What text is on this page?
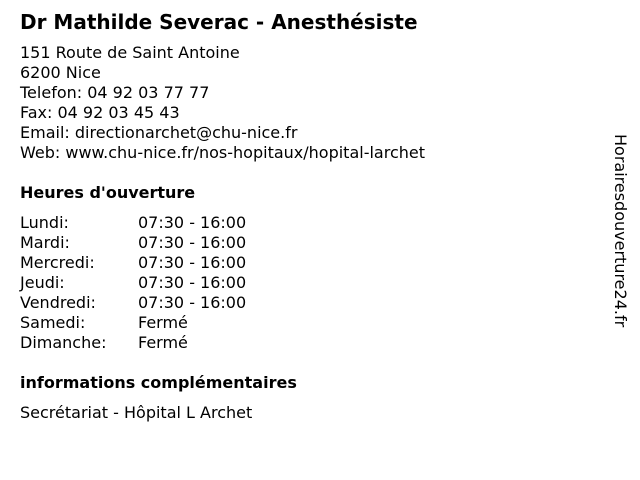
Dr Mathilde Severac - Anesthésiste
151 Route de Saint Antoine
6200 Nice
Telefon: 04 92 03 77 77
Fax: 04 92 03 45 43
Email: directionarchet@chu-nice.fr
Web: www.chu-nice.fr/nos-hopitaux/hopital-larchet
Heures d'ouverture
Lundi:	07:30 - 16:00
Mardi:	07:30 - 16:00
Mercredi:	07:30 - 16:00
Jeudi:	07:30 - 16:00
Vendredi:	07:30 - 16:00
Samedi:	Fermé
Dimanche:	Fermé
informations complémentaires
Secrétariat - Hôpital L Archet
Horairesdouverture24.fr
